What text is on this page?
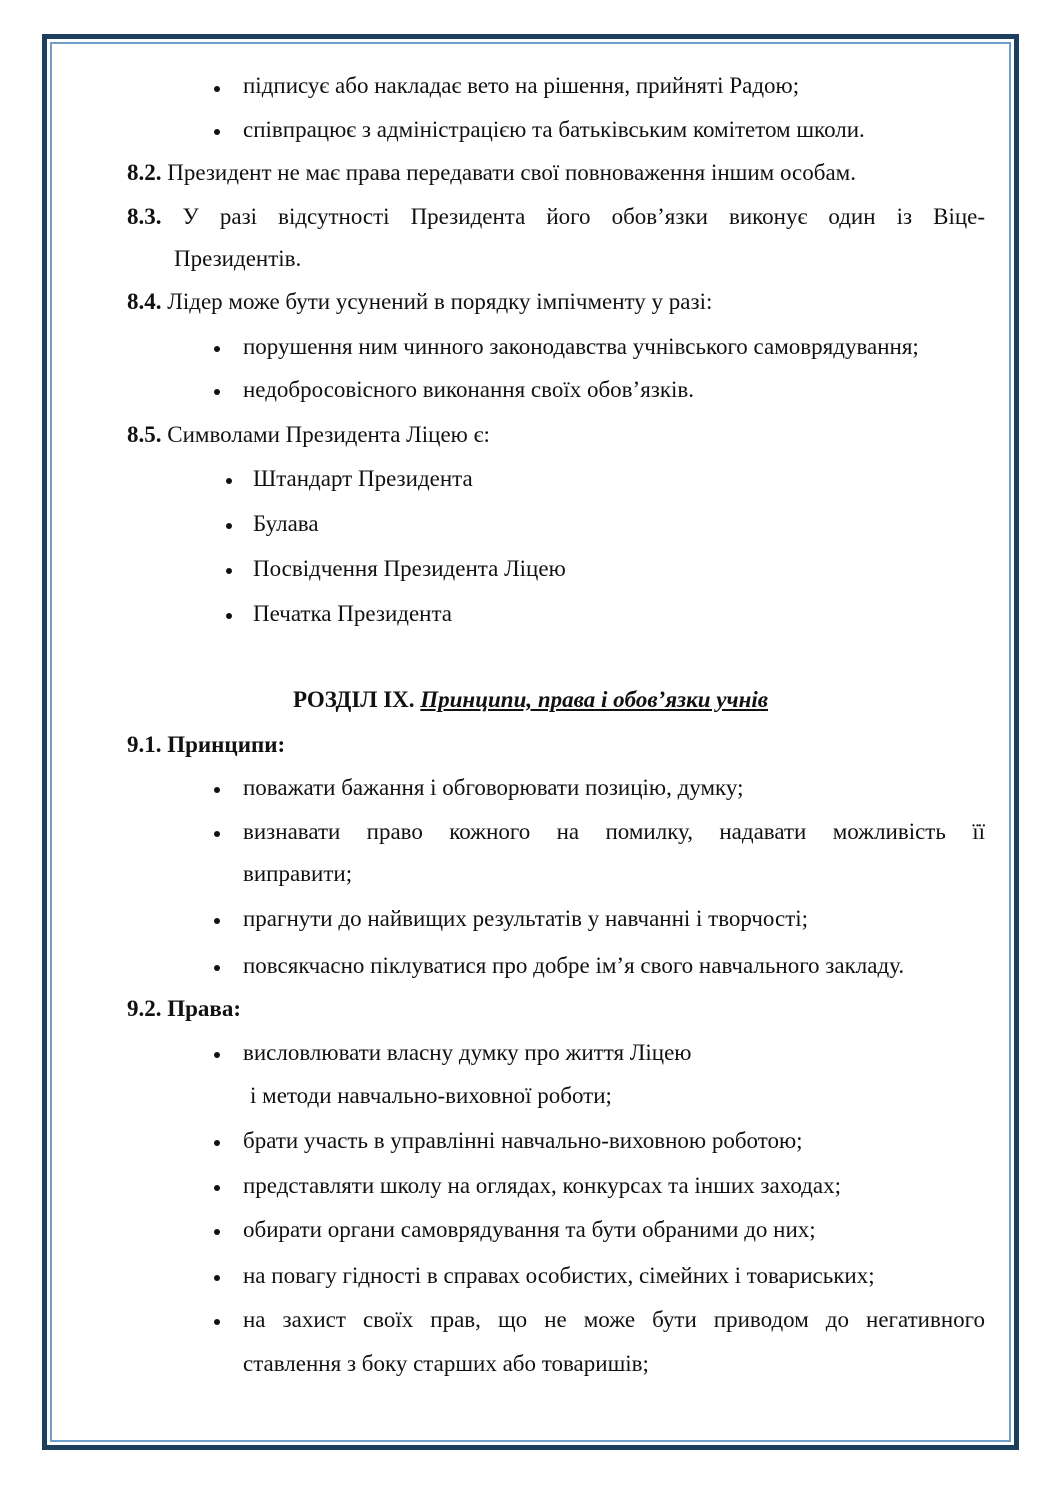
підписує або накладає вето на рішення, прийняті Радою;
співпрацює з адміністрацією та батьківським комітетом школи.
8.2. Президент не має права передавати свої повноваження іншим особам.
8.3. У разі відсутності Президента його обов’язки виконує один із Віце-
Президентів.
8.4. Лідер може бути усунений в порядку імпічменту у разі:
порушення ним чинного законодавства учнівського самоврядування;
недобросовісного виконання своїх обов’язків.
8.5. Символами Президента Ліцею є:
Штандарт Президента
Булава
Посвідчення Президента Ліцею
Печатка Президента
РОЗДІЛ ІХ. Принципи, права і обов’язки учнів
9.1. Принципи:
поважати бажання і обговорювати позицію, думку;
визнавати право кожного на помилку, надавати можливість її
виправити;
прагнути до найвищих результатів у навчанні і творчості;
повсякчасно піклуватися про добре ім’я свого навчального закладу.
9.2. Права:
висловлювати власну думку про життя Ліцею
і методи навчально-виховної роботи;
брати участь в управлінні навчально-виховною роботою;
представляти школу на оглядах, конкурсах та інших заходах;
обирати органи самоврядування та бути обраними до них;
на повагу гідності в справах особистих, сімейних і товариських;
на захист своїх прав, що не може бути приводом до негативного
ставлення з боку старших або товаришів;
